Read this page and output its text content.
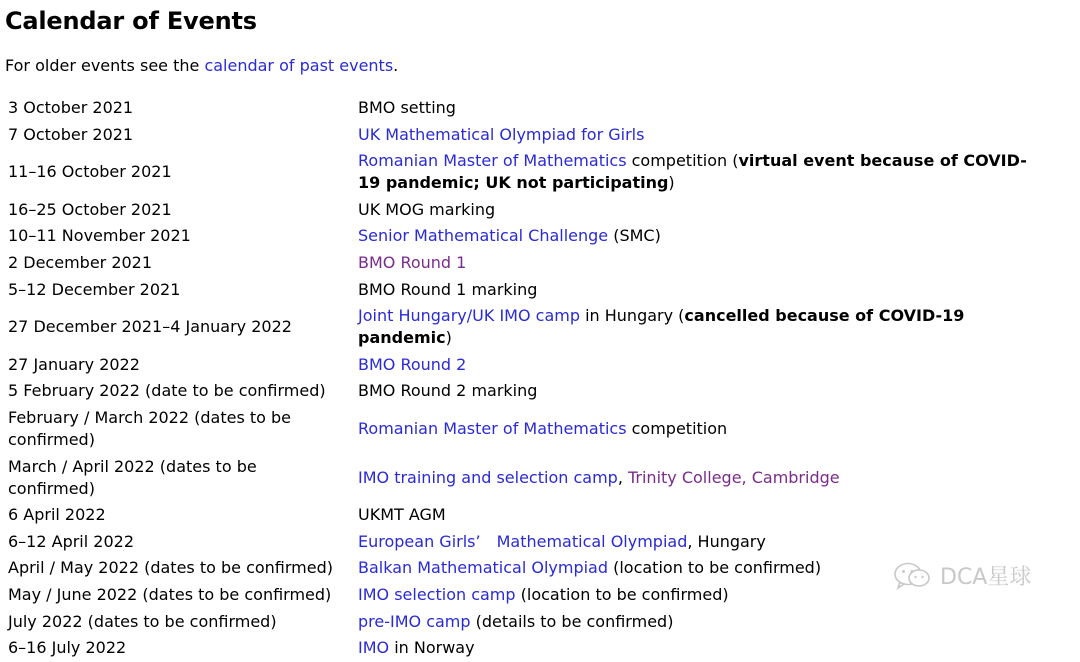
Calendar of Events

For older events see the calendar of past events.

3 October 2021	BMO setting
7 October 2021	UK Mathematical Olympiad for Girls
11–16 October 2021	Romanian Master of Mathematics competition (virtual event because of COVID-19 pandemic; UK not participating)
16–25 October 2021	UK MOG marking
10–11 November 2021	Senior Mathematical Challenge (SMC)
2 December 2021	BMO Round 1
5–12 December 2021	BMO Round 1 marking
27 December 2021–4 January 2022	Joint Hungary/UK IMO camp in Hungary (cancelled because of COVID-19 pandemic)
27 January 2022	BMO Round 2
5 February 2022 (date to be confirmed)	BMO Round 2 marking
February / March 2022 (dates to be confirmed)	Romanian Master of Mathematics competition
March / April 2022 (dates to be confirmed)	IMO training and selection camp, Trinity College, Cambridge
6 April 2022	UKMT AGM
6–12 April 2022	European Girls’ Mathematical Olympiad, Hungary
April / May 2022 (dates to be confirmed)	Balkan Mathematical Olympiad (location to be confirmed)
May / June 2022 (dates to be confirmed)	IMO selection camp (location to be confirmed)
July 2022 (dates to be confirmed)	pre-IMO camp (details to be confirmed)
6–16 July 2022	IMO in Norway
DCA星球
